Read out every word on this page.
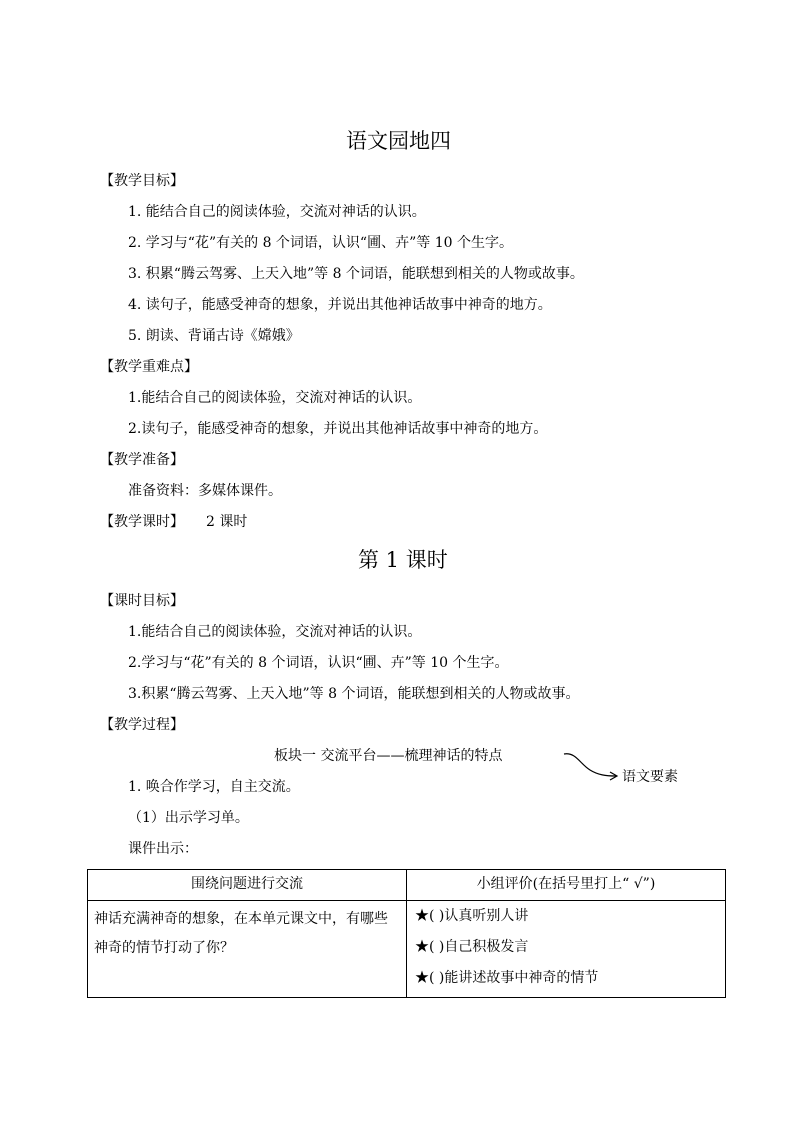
语文园地四
【教学目标】
1. 能结合自己的阅读体验，交流对神话的认识。
2. 学习与“花”有关的 8 个词语，认识“圃、卉”等 10 个生字。
3. 积累“腾云驾雾、上天入地”等 8 个词语，能联想到相关的人物或故事。
4. 读句子，能感受神奇的想象，并说出其他神话故事中神奇的地方。
5. 朗读、背诵古诗《嫦娥》
【教学重难点】
1.能结合自己的阅读体验，交流对神话的认识。
2.读句子，能感受神奇的想象，并说出其他神话故事中神奇的地方。
【教学准备】
准备资料：多媒体课件。
【教学课时】 2 课时
第 1 课时
【课时目标】
1.能结合自己的阅读体验，交流对神话的认识。
2.学习与“花”有关的 8 个词语，认识“圃、卉”等 10 个生字。
3.积累“腾云驾雾、上天入地”等 8 个词语，能联想到相关的人物或故事。
【教学过程】
板块一 交流平台——梳理神话的特点
语文要素
1. 唤合作学习，自主交流。
（1）出示学习单。
课件出示：
围绕问题进行交流	小组评价(在括号里打上“ √”)
神话充满神奇的想象，在本单元课文中，有哪些神奇的情节打动了你？	★( )认真听别人讲
★( )自己积极发言
★( )能讲述故事中神奇的情节
